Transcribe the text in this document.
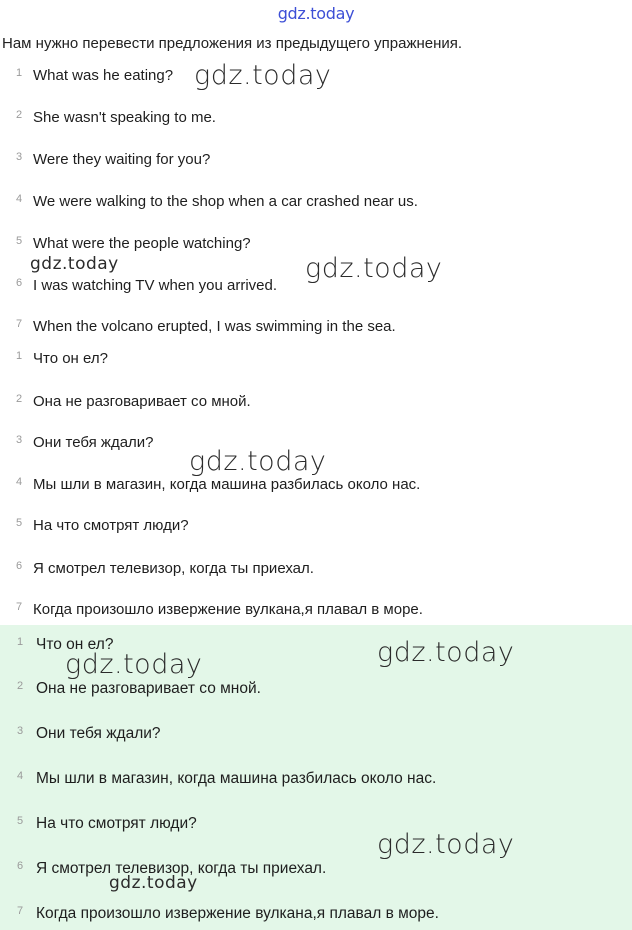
gdz.today
Нам нужно перевести предложения из предыдущего упражнения.
1 What was he eating?
2 She wasn't speaking to me.
3 Were they waiting for you?
4 We were walking to the shop when a car crashed near us.
5 What were the people watching?
6 I was watching TV when you arrived.
7 When the volcano erupted, I was swimming in the sea.
1 Что он ел?
2 Она не разговаривает со мной.
3 Они тебя ждали?
4 Мы шли в магазин, когда машина разбилась около нас.
5 На что смотрят люди?
6 Я смотрел телевизор, когда ты приехал.
7 Когда произошло извержение вулкана,я плавал в море.
1 Что он ел?
2 Она не разговаривает со мной.
3 Они тебя ждали?
4 Мы шли в магазин, когда машина разбилась около нас.
5 На что смотрят люди?
6 Я смотрел телевизор, когда ты приехал.
7 Когда произошло извержение вулкана,я плавал в море.
gdz.today
gdz.today	gdz.today
gdz.today
gdz.today
gdz.today
gdz.today
gdz.today
